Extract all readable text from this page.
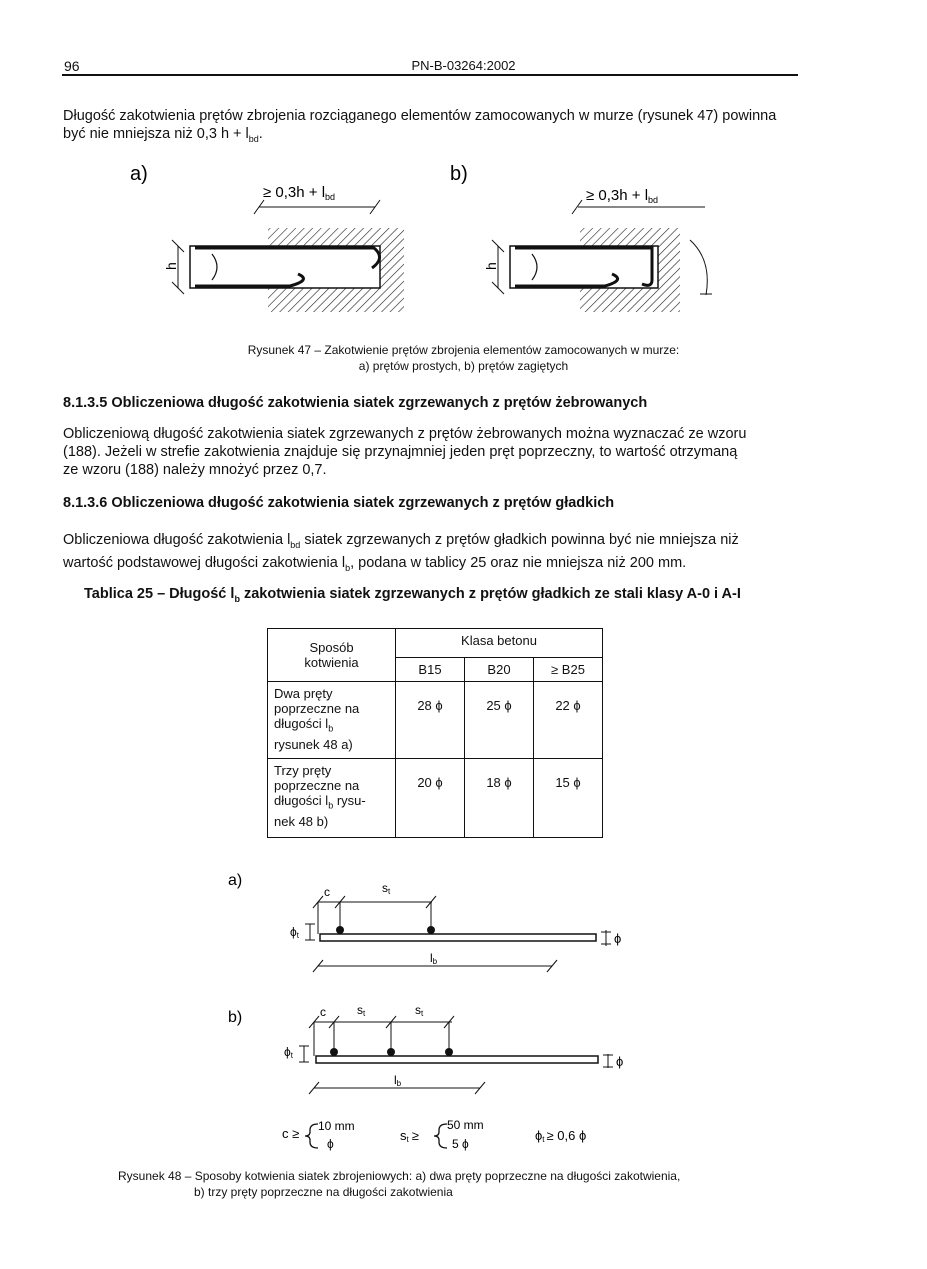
96	PN-B-03264:2002
Długość zakotwienia prętów zbrojenia rozciąganego elementów zamocowanych w murze (rysunek 47) powinna
być nie mniejsza niż 0,3 $h + l_{bd}$.
a)	b)
h
≥ $0,3h + l_{bd}$
h
≥ $0,3h + l_{bd}$
Rysunek 47 – Zakotwienie prętów zbrojenia elementów zamocowanych w murze:
a) prętów prostych, b) prętów zagiętych
8.1.3.5 Obliczeniowa długość zakotwienia siatek zgrzewanych z prętów żebrowanych
Obliczeniową długość zakotwienia siatek zgrzewanych z prętów żebrowanych można wyznaczać ze wzoru
(188). Jeżeli w strefie zakotwienia znajduje się przynajmniej jeden pręt poprzeczny, to wartość otrzymaną
ze wzoru (188) należy mnożyć przez 0,7.
8.1.3.6 Obliczeniowa długość zakotwienia siatek zgrzewanych z prętów gładkich
Obliczeniowa długość zakotwienia $l_{bd}$ siatek zgrzewanych z prętów gładkich powinna być nie mniejsza niż
wartość podstawowej długości zakotwienia $l_b$, podana w tablicy 25 oraz nie mniejsza niż 200 mm.
Tablica 25 – Długość $l_b$ zakotwienia siatek zgrzewanych z prętów gładkich ze stali klasy A-0 i A-I
Sposób
kotwienia	Klasa betonu		
	B15	B20	≥ B25

Dwa pręty
poprzeczne na
długości $l_b$
rysunek 48 a)	28 ϕ	25 ϕ	22 ϕ

Trzy pręty
poprzeczne na
długości $l_b$ rysu-
nek 48 b)	20 ϕ	18 ϕ	15 ϕ
a)
b)
c	st
ϕt	ϕ
lb
c	st	st
ϕt	ϕ
lb
c ≥ 10 mm
ϕ
st ≥
50 mm
5 ϕ
ϕt ≥ 0,6 ϕ
Rysunek 48 – Sposoby kotwienia siatek zbrojeniowych: a) dwa pręty poprzeczne na długości zakotwienia,
b) trzy pręty poprzeczne na długości zakotwienia
